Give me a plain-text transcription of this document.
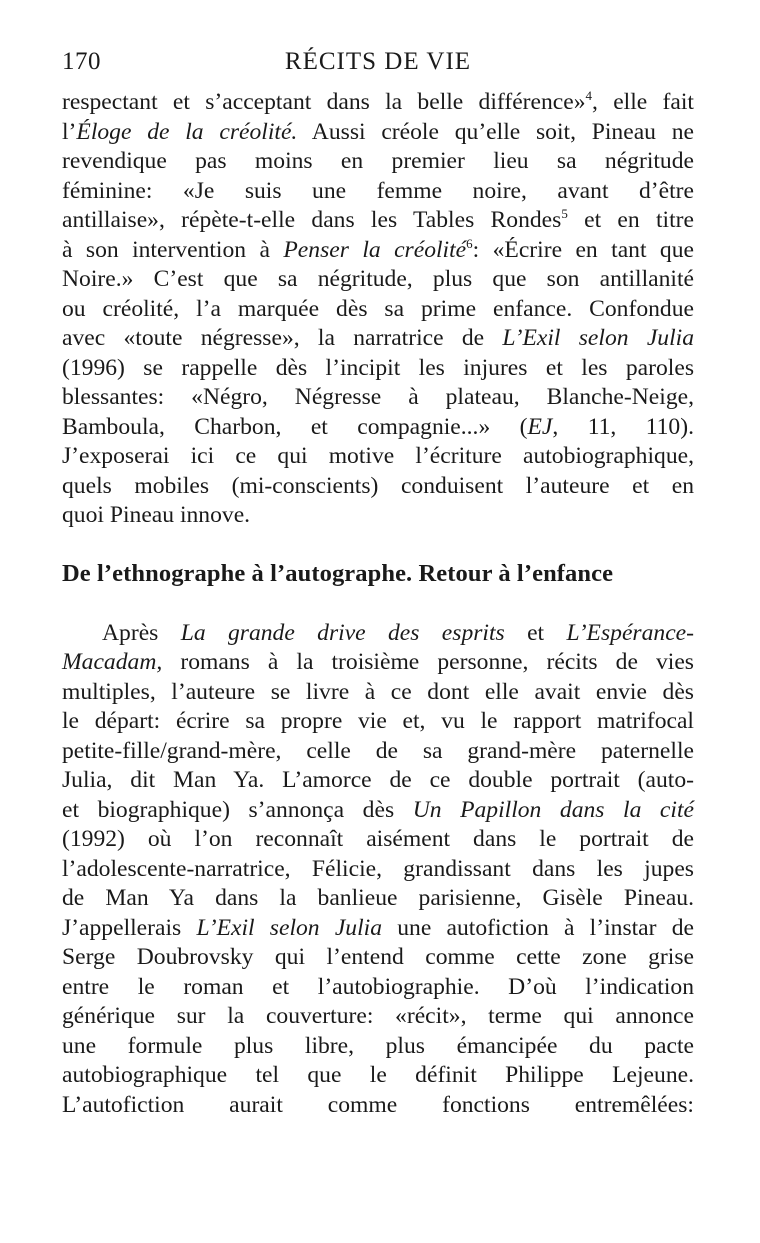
170	RÉCITS DE VIE
respectant et s’acceptant dans la belle différence»$^4$, elle fait
l’Éloge de la créolité. Aussi créole qu’elle soit, Pineau ne
revendique pas moins en premier lieu sa négritude
féminine: «Je suis une femme noire, avant d’être
antillaise», répète-t-elle dans les Tables Rondes$^5$ et en titre
à son intervention à Penser la créolité$^6$: «Écrire en tant que
Noire.» C’est que sa négritude, plus que son antillanité
ou créolité, l’a marquée dès sa prime enfance. Confondue
avec «toute négresse», la narratrice de L’Exil selon Julia
(1996) se rappelle dès l’incipit les injures et les paroles
blessantes: «Négro, Négresse à plateau, Blanche-Neige,
Bamboula, Charbon, et compagnie...» (EJ, 11, 110).
J’exposerai ici ce qui motive l’écriture autobiographique,
quels mobiles (mi-conscients) conduisent l’auteure et en
quoi Pineau innove.
De l’ethnographe à l’autographe. Retour à l’enfance
Après La grande drive des esprits et L’Espérance-
Macadam, romans à la troisième personne, récits de vies
multiples, l’auteure se livre à ce dont elle avait envie dès
le départ: écrire sa propre vie et, vu le rapport matrifocal
petite-fille/grand-mère, celle de sa grand-mère paternelle
Julia, dit Man Ya. L’amorce de ce double portrait (auto-
et biographique) s’annonça dès Un Papillon dans la cité
(1992) où l’on reconnaît aisément dans le portrait de
l’adolescente-narratrice, Félicie, grandissant dans les jupes
de Man Ya dans la banlieue parisienne, Gisèle Pineau.
J’appellerais L’Exil selon Julia une autofiction à l’instar de
Serge Doubrovsky qui l’entend comme cette zone grise
entre le roman et l’autobiographie. D’où l’indication
générique sur la couverture: «récit», terme qui annonce
une formule plus libre, plus émancipée du pacte
autobiographique tel que le définit Philippe Lejeune.
L’autofiction aurait comme fonctions entremêlées:
